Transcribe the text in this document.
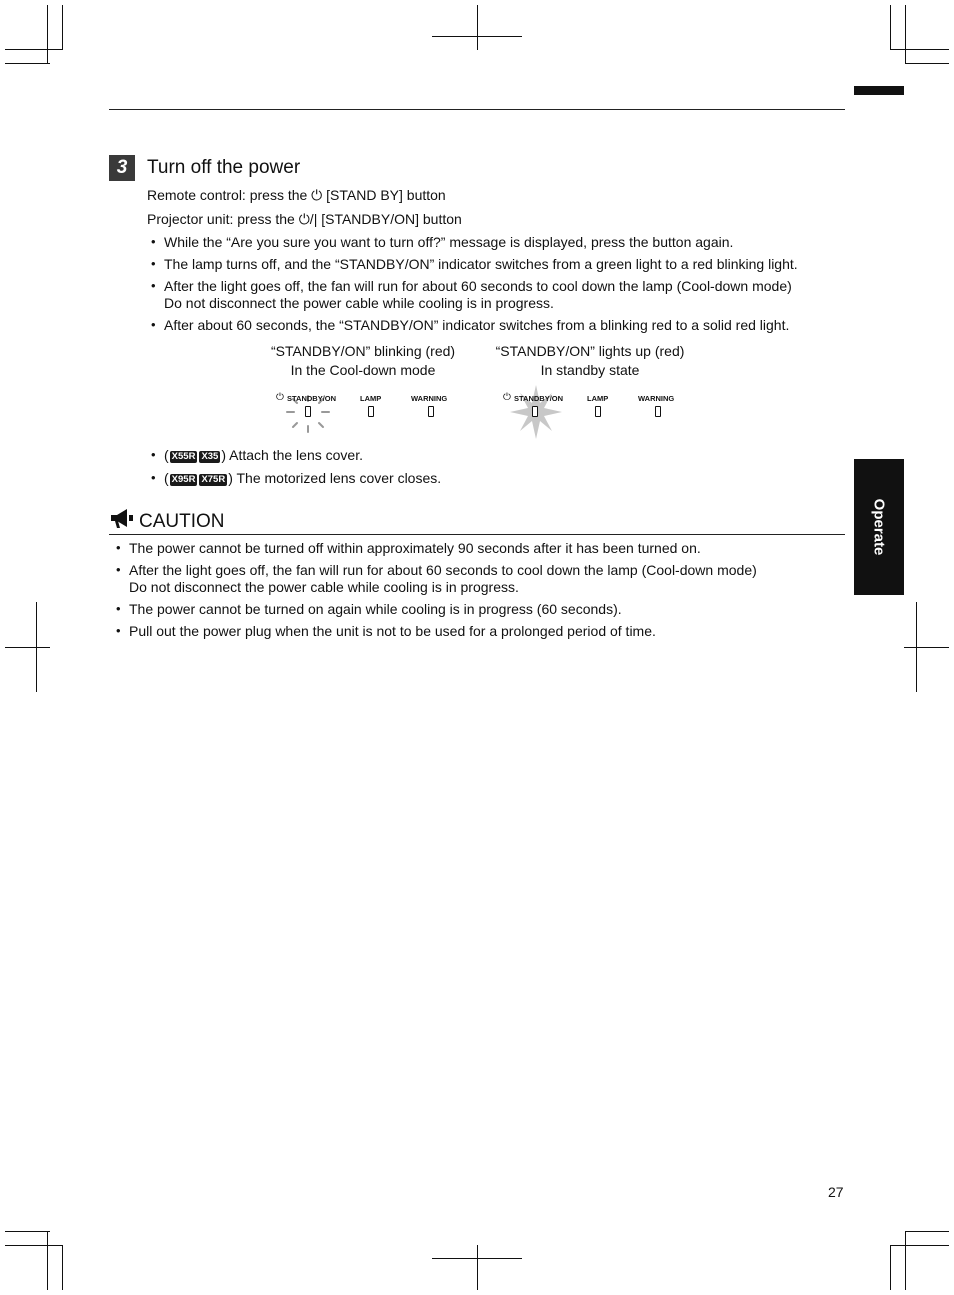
3	Turn off the power
Remote control: press the ⏻ [STAND BY] button
Projector unit: press the ⏻/| [STANDBY/ON] button
• While the “Are you sure you want to turn off?” message is displayed, press the button again.
• The lamp turns off, and the “STANDBY/ON” indicator switches from a green light to a red blinking light.
• After the light goes off, the fan will run for about 60 seconds to cool down the lamp (Cool-down mode)
Do not disconnect the power cable while cooling is in progress.
• After about 60 seconds, the “STANDBY/ON” indicator switches from a blinking red to a solid red light.
“STANDBY/ON” blinking (red)
In the Cool-down mode
⏻ STANDBY/ON	LAMP	WARNING
“STANDBY/ON” lights up (red)
In standby state
⏻ STANDBY/ON	LAMP	WARNING
• ( X55R X35 ) Attach the lens cover.
• ( X95R X75R ) The motorized lens cover closes.
CAUTION
• The power cannot be turned off within approximately 90 seconds after it has been turned on.
• After the light goes off, the fan will run for about 60 seconds to cool down the lamp (Cool-down mode)
Do not disconnect the power cable while cooling is in progress.
• The power cannot be turned on again while cooling is in progress (60 seconds).
• Pull out the power plug when the unit is not to be used for a prolonged period of time.
Operate
27
